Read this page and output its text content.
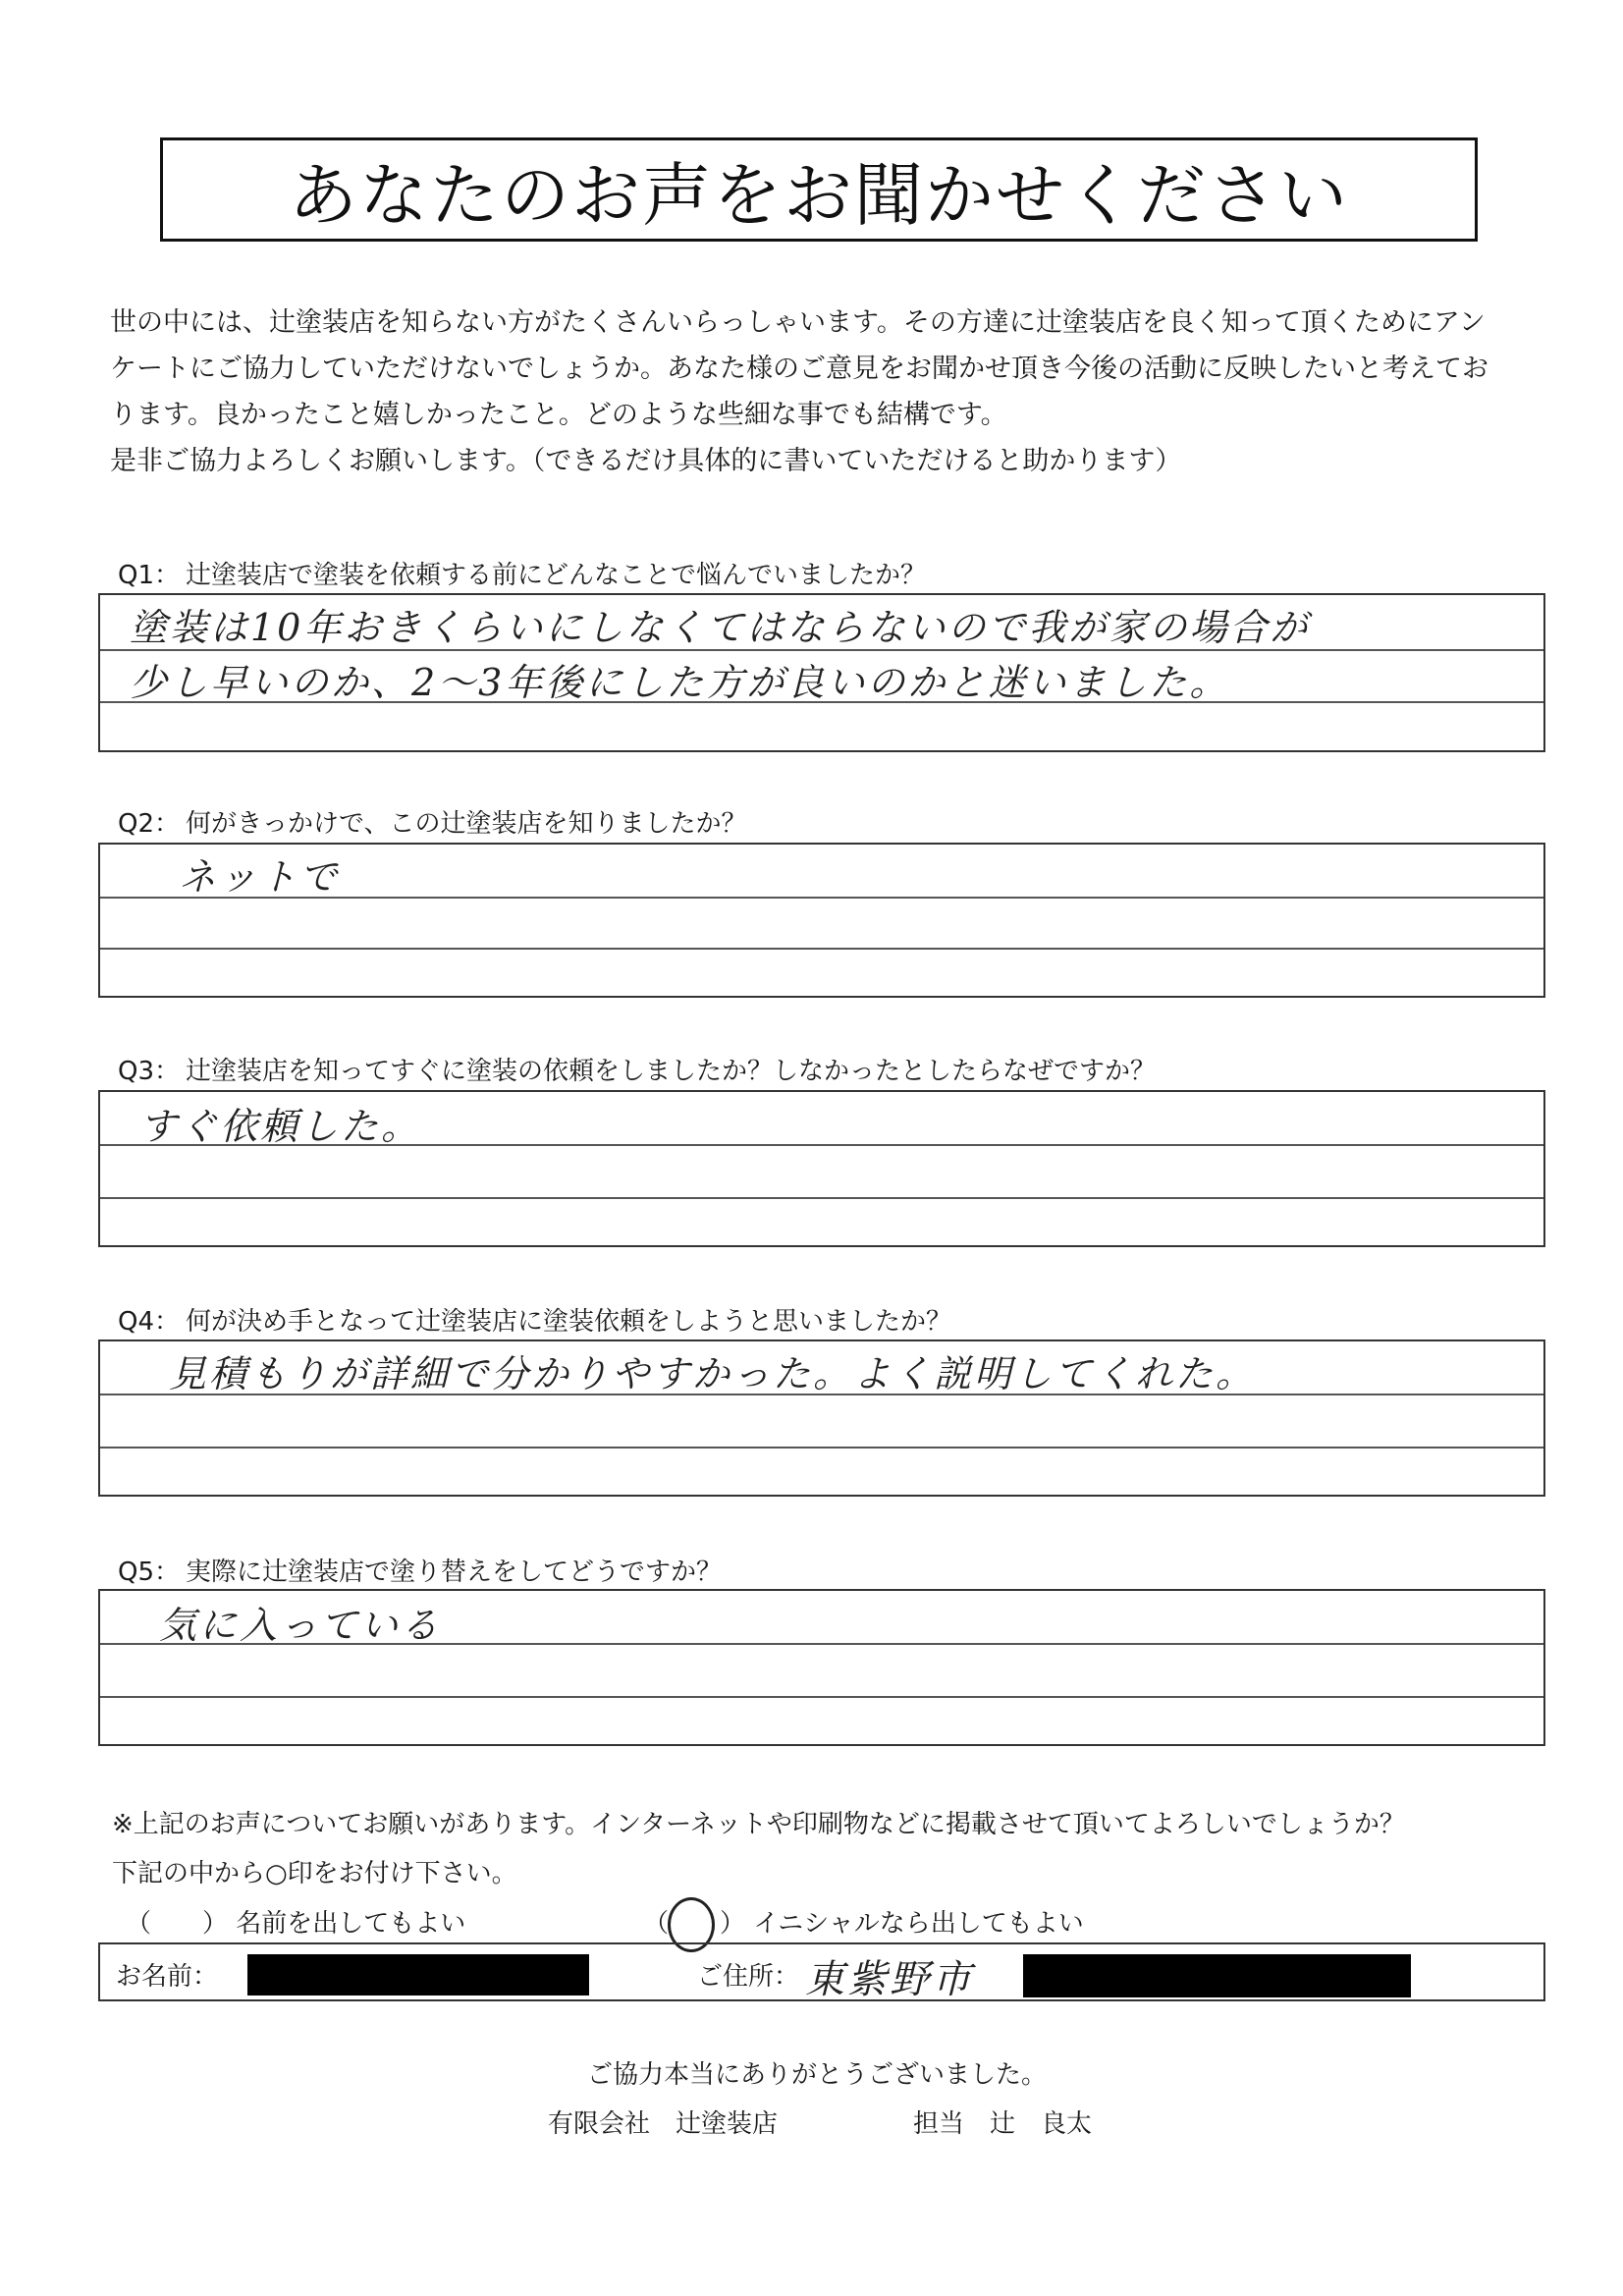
あなたのお声をお聞かせください
世の中には、辻塗装店を知らない方がたくさんいらっしゃいます。その方達に辻塗装店を良く知って頂くためにアン
ケートにご協力していただけないでしょうか。あなた様のご意見をお聞かせ頂き今後の活動に反映したいと考えてお
ります。良かったこと嬉しかったこと。どのような些細な事でも結構です。
是非ご協力よろしくお願いします。（できるだけ具体的に書いていただけると助かります）
Q1： 辻塗装店で塗装を依頼する前にどんなことで悩んでいましたか？
塗装は10年おきくらいにしなくてはならないので我が家の場合が
少し早いのか、2〜3年後にした方が良いのかと迷いました。
Q2： 何がきっかけで、この辻塗装店を知りましたか？
ネットで
Q3： 辻塗装店を知ってすぐに塗装の依頼をしましたか？しなかったとしたらなぜですか？
すぐ依頼した。
Q4： 何が決め手となって辻塗装店に塗装依頼をしようと思いましたか？
見積もりが詳細で分かりやすかった。よく説明してくれた。
Q5： 実際に辻塗装店で塗り替えをしてどうですか？
気に入っている
※上記のお声についてお願いがあります。インターネットや印刷物などに掲載させて頂いてよろしいでしょうか？
下記の中から○印をお付け下さい。
（　　） 名前を出してもよい	（　　） イニシャルなら出してもよい
お名前：	ご住所： 東紫野市
ご協力本当にありがとうございました。
有限会社　辻塗装店	担当　辻　良太
